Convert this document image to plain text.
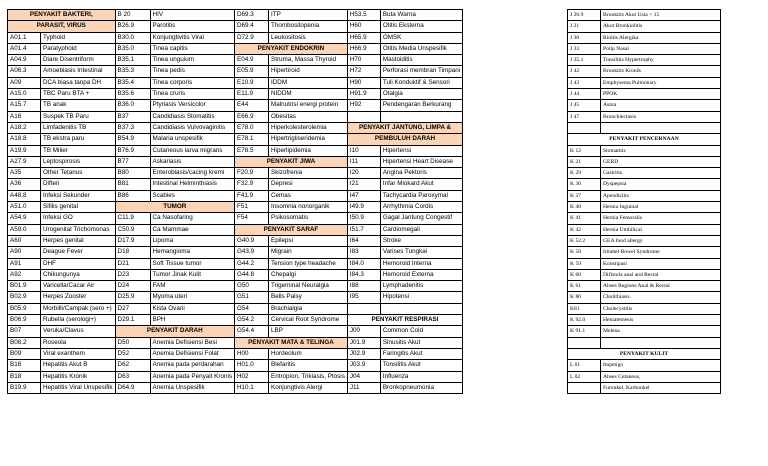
PENYAKIT BAKTERI,		B 20	HIV	D69.3	ITP	H53.5	Buta Warna	
PARASIT, VIRUS		B26.9	Parotitis	D69.4	Thombositopenia	H60	Otitis Eksterna	
A01.1	Typhoid	B30.0	Konjungtivitis Viral	D72.9	Leukositosis	H65.9	OMSK	
A01.4	Paratyphoid	B35.0	Tinea capitis	PENYAKIT ENDOKRIN		H66.9	Otitis Media Unspesifik	
A04.9	Diare Disentriform	B35.1	Tinea unguium	E04.9	Struma, Massa Thyroid	H70	Mastoiditis	
A06.3	Amoebiasis Intestinal	B35.3	Tinea pedis	E05.9	Hipertiroid	H72	Perforasi membran Timpani	
A09	DCA biasa tanpa DH	B35.4	Tinea corporis	E10.9	IDDM	H90	Tuli Konduktif & Sensori	
A15.0	TBC Paru BTA +	B35.6	Tinea cruris	E11.9	NIDDM	H91.9	Otalgia	
A15.7	TB anak	B36.0	Ptyriasis Versicolor	E44	Malnutrisi energi protein	H92	Pendengaran Berkurang	
A16	Suspek TB Paru	B37	Candidiasis Stomatitis	E66.9	Obesitas			
A18.2	Limfadenitis TB	B37.3	Candidiasis Vulvovaginitis	E78.0	Hiperkolesterolemia	PENYAKIT JANTUNG, LIMPA &		
A18.8	TB ekstra paru	B54.9	Malaria unspesifik	E78.1	Hipertrigliseridemia	PEMBULUH DARAH		
A19.9	TB Milier	B76.9	Cutaneous larva migrans	E78.5	Hiperlipidemia	I10	Hipertensi	
A27.9	Leptospirosis	B77	Askariasis	PENYAKIT JIWA		I11	Hipertensi Heart Disease	
A35	Other Tetanus	B80	Enterobiasis/cacing kremi	F20.9	Skizofrenia	I20	Angina Pektoris	
A36	Difteri	B81	Intestinal Helminthiasis	F32.9	Depresi	I21	Infar Miokard Akut	
A48.8	Infeksi Sekunder	B86	Scabies	F41.9	Cemas	I47	Tachycardia Paroxymal	
A51.0	Sifilis genital	TUMOR		F51	Insomnia nonorganik	I49.9	Arrhythmia Cordis	
A54.9	Infeksi GO	C11.9	Ca Nasofaring	F54	Psikosomatis	I50.9	Gagal Jantung Congestif	
A59.0	Urogenital Trichomonas	C50.9	Ca Mammae	PENYAKIT SARAF		I51.7	Cardiomegali	
A60	Herpes genital	D17.9	Lipoma	G40.9	Epilepsi	I64	Stroke	
A90	Deague Fever	D18	Hemangioma	G43.9	Migrain	I83	Varises Tungkai	
A91	DHF	D21	Soft Tissue tumor	G44.2	Tension type headache	I84.0	Hemoroid Interna	
A92	Chikungunya	D23	Tumor Jinak Kulit	G44.8	Chepalgi	I84.3	Hemoroid Externa	
B01.9	Varicella/Cacar Air	D24	FAM	G50	Trigeminal Neuralgia	I88	Lymphadenitis	
B02.9	Herpes Zooster	D25.9	Myoma uteri	G51	Bells Palsy	I95	Hipotensi	
B05.9	Morbilli/Campak (sero +)	D27	Kista Ovarii	G54	Brachialgia			
B06.9	Rubella (serologi+)	D29.1	BPH	G54.2	Cervical Root Syndrome	PENYAKIT RESPIRASI		
B07	Veruka/Clavus	PENYAKIT DARAH		G54.4	LBP	J00	Common Cold	
B08.2	Roseola	D50	Anemia Defisiensi Besi	PENYAKIT MATA & TELINGA		J01.9	Sinusitis Akut	
B09	Viral exanthem	D52	Anemia Defisiensi Folat	H00	Hordeolum	J02.9	Faringitis Akut	
B16	Hepatitis Akut B	D62	Anemia pada perdarahan	H01.0	Blefaritis	J03.9	Tonsilitis Akut	
B18	Hepatitis Kronik	D63	Anemia pada Penyait Kronis	H02	Entropion, Trikiasis, Ptosis	J04	Influenza	
B19.9	Hepatitis Viral Unspesifik	D64.9	Anemia Unspesifik	H10.1	Konjungtivis Alergi	J11	Bronkopneumonia	
J 20.9	Bronkitis Akut Usia < 15
J 21	Akut Bronkiolitis
J 30	Rinitis Alergika
J 33	Polip Nasal
J 35.1	Tonsilitis Hypertrophy
J 42	Bronkitis Kronik
J 43	Emphysema Pulmonary
J 44	PPOK
J 45	Asma
J 47	Bronchiectasis

PENYAKIT PENCERNAAN	
K 12	Stomatitis
K 21	GERD
K 29	Gastritis
K 30	Dyspepsia
K 37	Apendicitis
K 40	Hernia Inguinal
K 41	Hernia Femoralis
K 42	Hernia Umbilical
K 52.2	GEA food allergy
K 58	Iritabel Bowel Syndrome
K 59	Konstipasi
K 60	Difistula anal and Rectal
K 61	Abses Regions Anal & Rectal
K 80	Cholithiasis
K81	Cholecystitis
K 92.0	Hematemesis
K 91.1	Melena

PENYAKIT KULIT	
L 01	Impetigo
L 02	Abses Cutaneus,
	Furunkel, Karbunkel
